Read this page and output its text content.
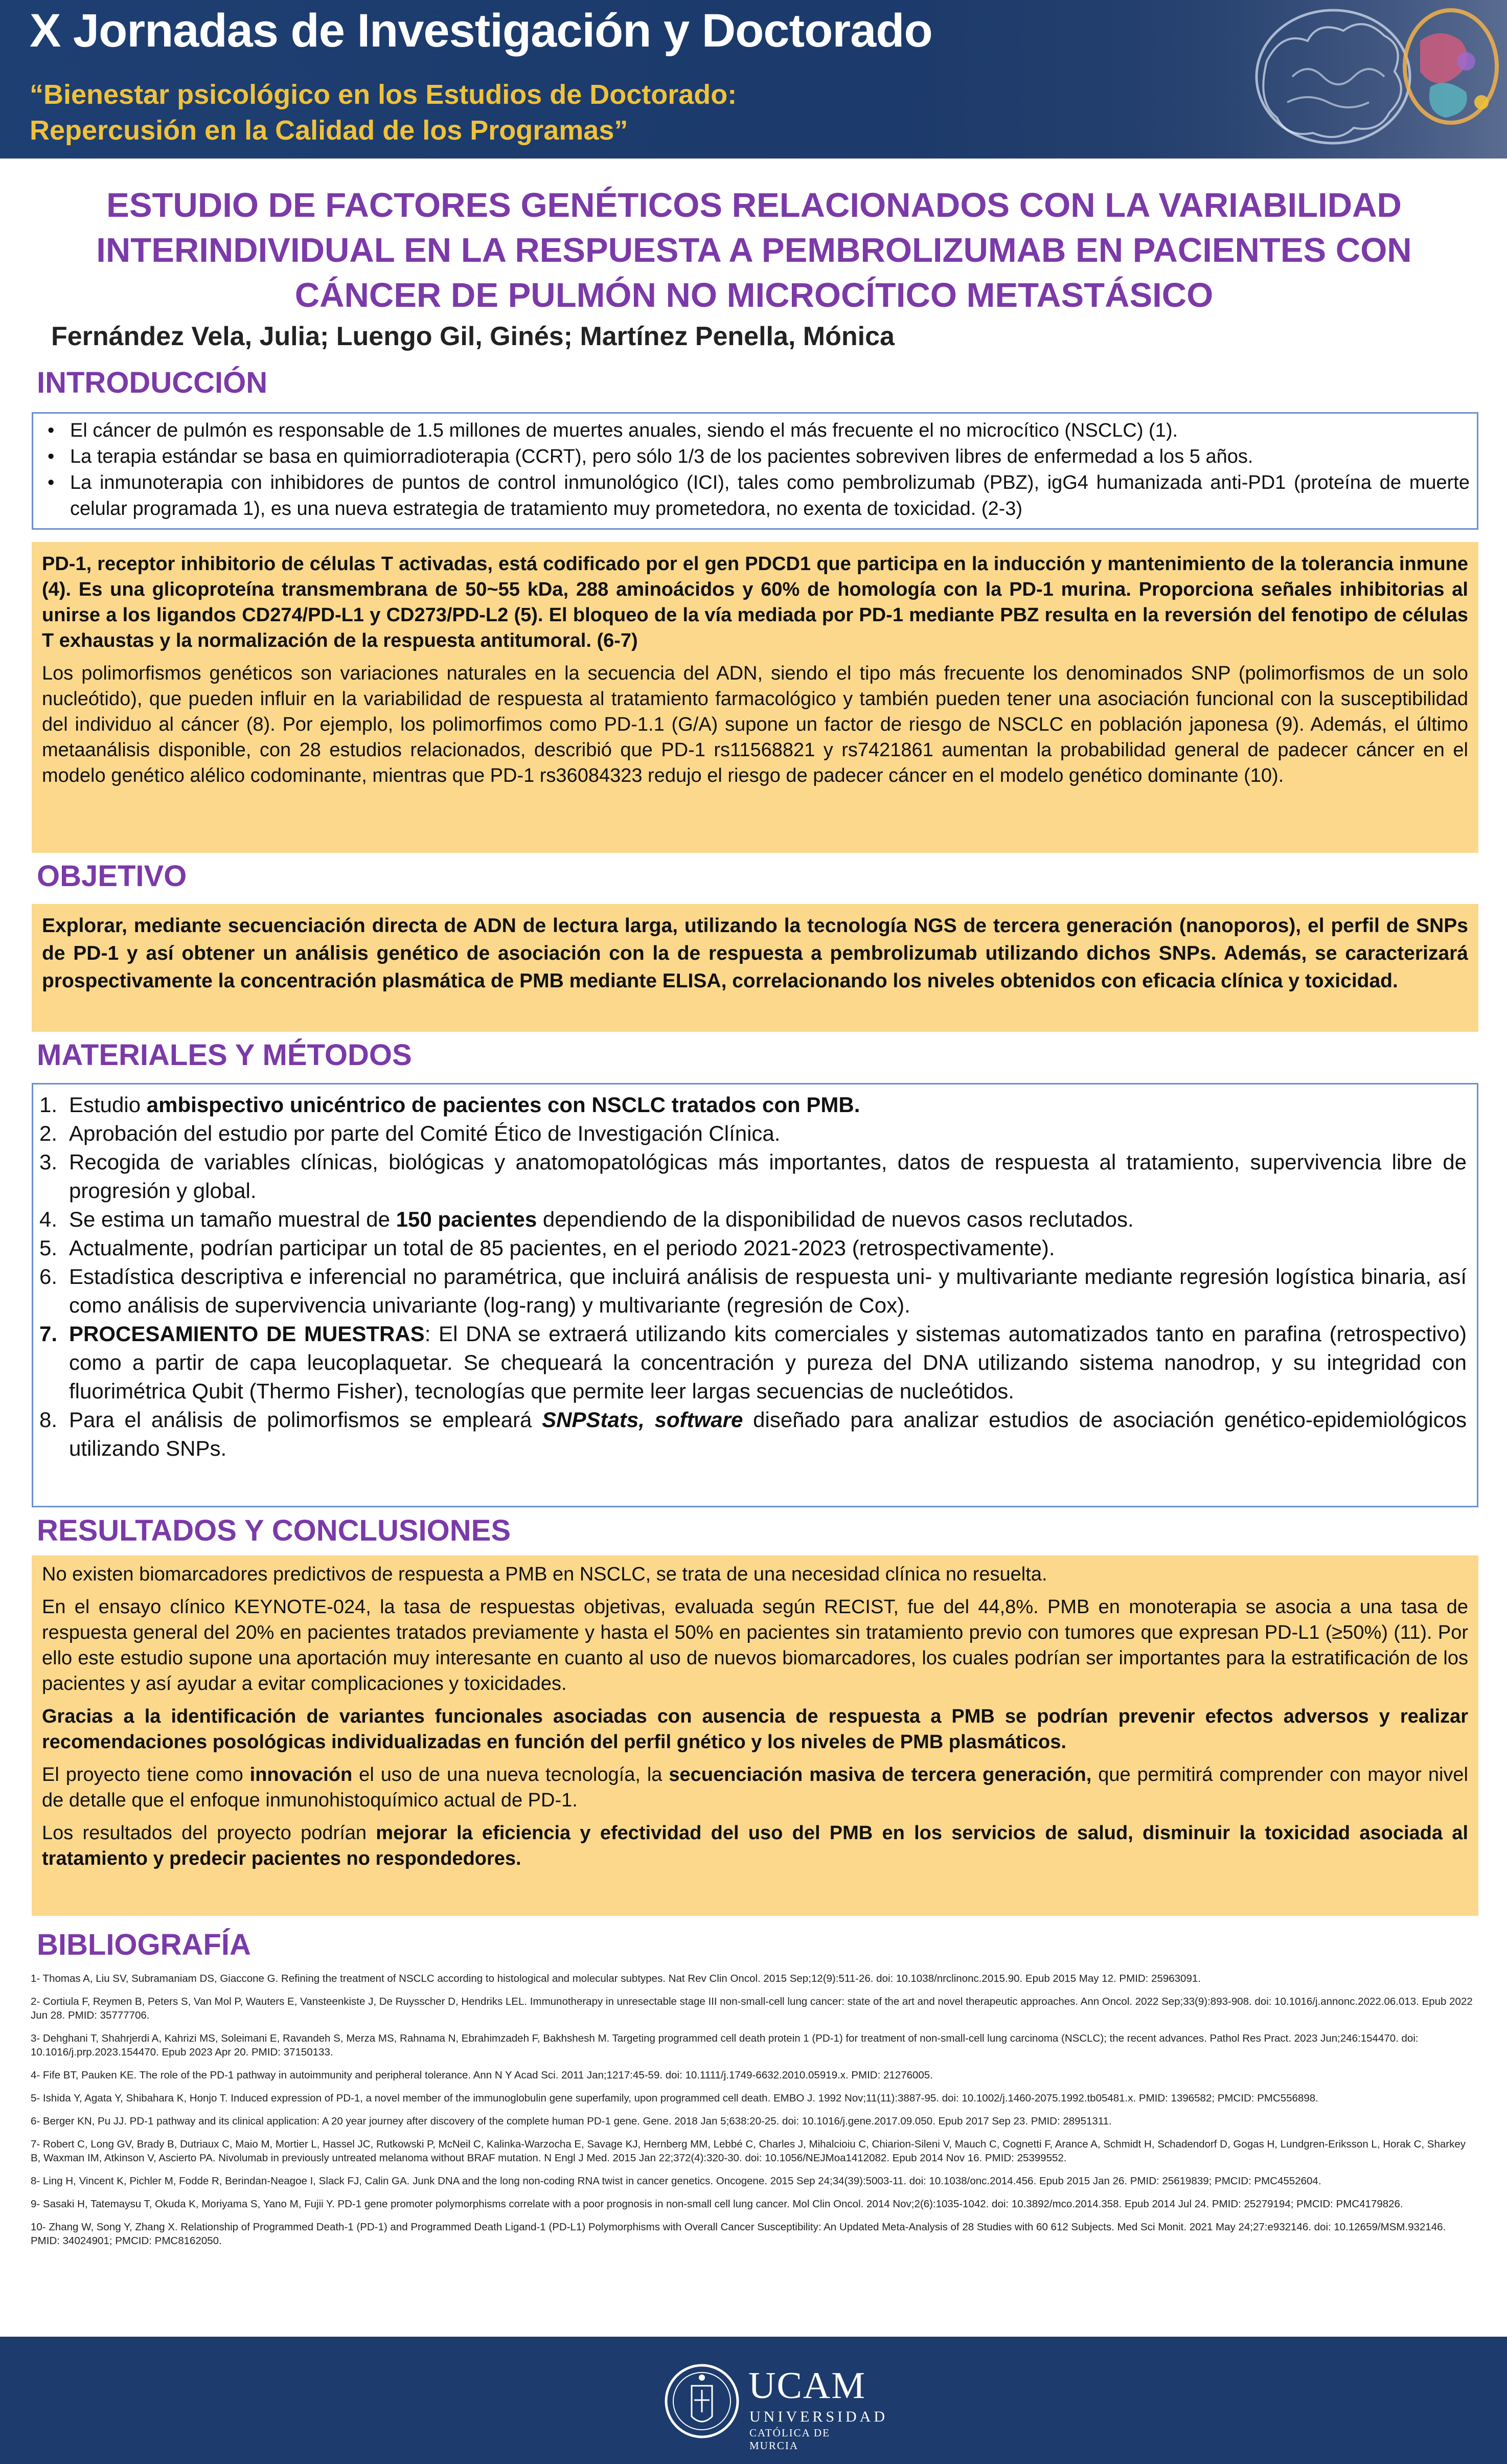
X Jornadas de Investigación y Doctorado
“Bienestar psicológico en los Estudios de Doctorado:
Repercusión en la Calidad de los Programas”
ESTUDIO DE FACTORES GENÉTICOS RELACIONADOS CON LA VARIABILIDAD INTERINDIVIDUAL EN LA RESPUESTA A PEMBROLIZUMAB EN PACIENTES CON CÁNCER DE PULMÓN NO MICROCÍTICO METASTÁSICO
Fernández Vela, Julia; Luengo Gil, Ginés; Martínez Penella, Mónica
INTRODUCCIÓN
• El cáncer de pulmón es responsable de 1.5 millones de muertes anuales, siendo el más frecuente el no microcítico (NSCLC) (1).
• La terapia estándar se basa en quimiorradioterapia (CCRT), pero sólo 1/3 de los pacientes sobreviven libres de enfermedad a los 5 años.
• La inmunoterapia con inhibidores de puntos de control inmunológico (ICI), tales como pembrolizumab (PBZ), igG4 humanizada anti-PD1 (proteína de muerte celular programada 1), es una nueva estrategia de tratamiento muy prometedora, no exenta de toxicidad. (2-3)

PD-1, receptor inhibitorio de células T activadas, está codificado por el gen PDCD1 que participa en la inducción y mantenimiento de la tolerancia inmune (4). Es una glicoproteína transmembrana de 50~55 kDa, 288 aminoácidos y 60% de homología con la PD-1 murina. Proporciona señales inhibitorias al unirse a los ligandos CD274/PD-L1 y CD273/PD-L2 (5). El bloqueo de la vía mediada por PD-1 mediante PBZ resulta en la reversión del fenotipo de células T exhaustas y la normalización de la respuesta antitumoral. (6-7)

Los polimorfismos genéticos son variaciones naturales en la secuencia del ADN, siendo el tipo más frecuente los denominados SNP (polimorfismos de un solo nucleótido), que pueden influir en la variabilidad de respuesta al tratamiento farmacológico y también pueden tener una asociación funcional con la susceptibilidad del individuo al cáncer (8). Por ejemplo, los polimorfimos como PD-1.1 (G/A) supone un factor de riesgo de NSCLC en población japonesa (9). Además, el último metaanálisis disponible, con 28 estudios relacionados, describió que PD-1 rs11568821 y rs7421861 aumentan la probabilidad general de padecer cáncer en el modelo genético alélico codominante, mientras que PD-1 rs36084323 redujo el riesgo de padecer cáncer en el modelo genético dominante (10).

OBJETIVO

Explorar, mediante secuenciación directa de ADN de lectura larga, utilizando la tecnología NGS de tercera generación (nanoporos), el perfil de SNPs de PD-1 y así obtener un análisis genético de asociación con la de respuesta a pembrolizumab utilizando dichos SNPs. Además, se caracterizará prospectivamente la concentración plasmática de PMB mediante ELISA, correlacionando los niveles obtenidos con eficacia clínica y toxicidad.

MATERIALES Y MÉTODOS
1. Estudio ambispectivo unicéntrico de pacientes con NSCLC tratados con PMB.
2. Aprobación del estudio por parte del Comité Ético de Investigación Clínica.
3. Recogida de variables clínicas, biológicas y anatomopatológicas más importantes, datos de respuesta al tratamiento, supervivencia libre de progresión y global.
4. Se estima un tamaño muestral de 150 pacientes dependiendo de la disponibilidad de nuevos casos reclutados.
5. Actualmente, podrían participar un total de 85 pacientes, en el periodo 2021-2023 (retrospectivamente).
6. Estadística descriptiva e inferencial no paramétrica, que incluirá análisis de respuesta uni- y multivariante mediante regresión logística binaria, así como análisis de supervivencia univariante (log-rang) y multivariante (regresión de Cox).
7. PROCESAMIENTO DE MUESTRAS: El DNA se extraerá utilizando kits comerciales y sistemas automatizados tanto en parafina (retrospectivo) como a partir de capa leucoplaquetar. Se chequeará la concentración y pureza del DNA utilizando sistema nanodrop, y su integridad con fluorimétrica Qubit (Thermo Fisher), tecnologías que permite leer largas secuencias de nucleótidos.
8. Para el análisis de polimorfismos se empleará SNPStats, software diseñado para analizar estudios de asociación genético-epidemiológicos utilizando SNPs.
RESULTADOS Y CONCLUSIONES

No existen biomarcadores predictivos de respuesta a PMB en NSCLC, se trata de una necesidad clínica no resuelta.

En el ensayo clínico KEYNOTE-024, la tasa de respuestas objetivas, evaluada según RECIST, fue del 44,8%. PMB en monoterapia se asocia a una tasa de respuesta general del 20% en pacientes tratados previamente y hasta el 50% en pacientes sin tratamiento previo con tumores que expresan PD-L1 (≥50%) (11). Por ello este estudio supone una aportación muy interesante en cuanto al uso de nuevos biomarcadores, los cuales podrían ser importantes para la estratificación de los pacientes y así ayudar a evitar complicaciones y toxicidades.

Gracias a la identificación de variantes funcionales asociadas con ausencia de respuesta a PMB se podrían prevenir efectos adversos y realizar recomendaciones posológicas individualizadas en función del perfil gnético y los niveles de PMB plasmáticos.

El proyecto tiene como innovación el uso de una nueva tecnología, la secuenciación masiva de tercera generación, que permitirá comprender con mayor nivel de detalle que el enfoque inmunohistoquímico actual de PD-1.

Los resultados del proyecto podrían mejorar la eficiencia y efectividad del uso del PMB en los servicios de salud, disminuir la toxicidad asociada al tratamiento y predecir pacientes no respondedores.

BIBLIOGRAFÍA

1- Thomas A, Liu SV, Subramaniam DS, Giaccone G. Refining the treatment of NSCLC according to histological and molecular subtypes. Nat Rev Clin Oncol. 2015 Sep;12(9):511-26. doi: 10.1038/nrclinonc.2015.90. Epub 2015 May 12. PMID: 25963091.

2- Cortiula F, Reymen B, Peters S, Van Mol P, Wauters E, Vansteenkiste J, De Ruysscher D, Hendriks LEL. Immunotherapy in unresectable stage III non-small-cell lung cancer: state of the art and novel therapeutic approaches. Ann Oncol. 2022 Sep;33(9):893-908. doi: 10.1016/j.annonc.2022.06.013. Epub 2022 Jun 28. PMID: 35777706.

3- Dehghani T, Shahrjerdi A, Kahrizi MS, Soleimani E, Ravandeh S, Merza MS, Rahnama N, Ebrahimzadeh F, Bakhshesh M. Targeting programmed cell death protein 1 (PD-1) for treatment of non-small-cell lung carcinoma (NSCLC); the recent advances. Pathol Res Pract. 2023 Jun;246:154470. doi: 10.1016/j.prp.2023.154470. Epub 2023 Apr 20. PMID: 37150133.

4- Fife BT, Pauken KE. The role of the PD-1 pathway in autoimmunity and peripheral tolerance. Ann N Y Acad Sci. 2011 Jan;1217:45-59. doi: 10.1111/j.1749-6632.2010.05919.x. PMID: 21276005.

5- Ishida Y, Agata Y, Shibahara K, Honjo T. Induced expression of PD-1, a novel member of the immunoglobulin gene superfamily, upon programmed cell death. EMBO J. 1992 Nov;11(11):3887-95. doi: 10.1002/j.1460-2075.1992.tb05481.x. PMID: 1396582; PMCID: PMC556898.

6- Berger KN, Pu JJ. PD-1 pathway and its clinical application: A 20 year journey after discovery of the complete human PD-1 gene. Gene. 2018 Jan 5;638:20-25. doi: 10.1016/j.gene.2017.09.050. Epub 2017 Sep 23. PMID: 28951311.

7- Robert C, Long GV, Brady B, Dutriaux C, Maio M, Mortier L, Hassel JC, Rutkowski P, McNeil C, Kalinka-Warzocha E, Savage KJ, Hernberg MM, Lebbé C, Charles J, Mihalcioiu C, Chiarion-Sileni V, Mauch C, Cognetti F, Arance A, Schmidt H, Schadendorf D, Gogas H, Lundgren-Eriksson L, Horak C, Sharkey B, Waxman IM, Atkinson V, Ascierto PA. Nivolumab in previously untreated melanoma without BRAF mutation. N Engl J Med. 2015 Jan 22;372(4):320-30. doi: 10.1056/NEJMoa1412082. Epub 2014 Nov 16. PMID: 25399552.

8- Ling H, Vincent K, Pichler M, Fodde R, Berindan-Neagoe I, Slack FJ, Calin GA. Junk DNA and the long non-coding RNA twist in cancer genetics. Oncogene. 2015 Sep 24;34(39):5003-11. doi: 10.1038/onc.2014.456. Epub 2015 Jan 26. PMID: 25619839; PMCID: PMC4552604.

9- Sasaki H, Tatemaysu T, Okuda K, Moriyama S, Yano M, Fujii Y. PD-1 gene promoter polymorphisms correlate with a poor prognosis in non-small cell lung cancer. Mol Clin Oncol. 2014 Nov;2(6):1035-1042. doi: 10.3892/mco.2014.358. Epub 2014 Jul 24. PMID: 25279194; PMCID: PMC4179826.

10- Zhang W, Song Y, Zhang X. Relationship of Programmed Death-1 (PD-1) and Programmed Death Ligand-1 (PD-L1) Polymorphisms with Overall Cancer Susceptibility: An Updated Meta-Analysis of 28 Studies with 60 612 Subjects. Med Sci Monit. 2021 May 24;27:e932146. doi: 10.12659/MSM.932146. PMID: 34024901; PMCID: PMC8162050.

UCAM
UNIVERSIDAD
CATÓLICA DE MURCIA
